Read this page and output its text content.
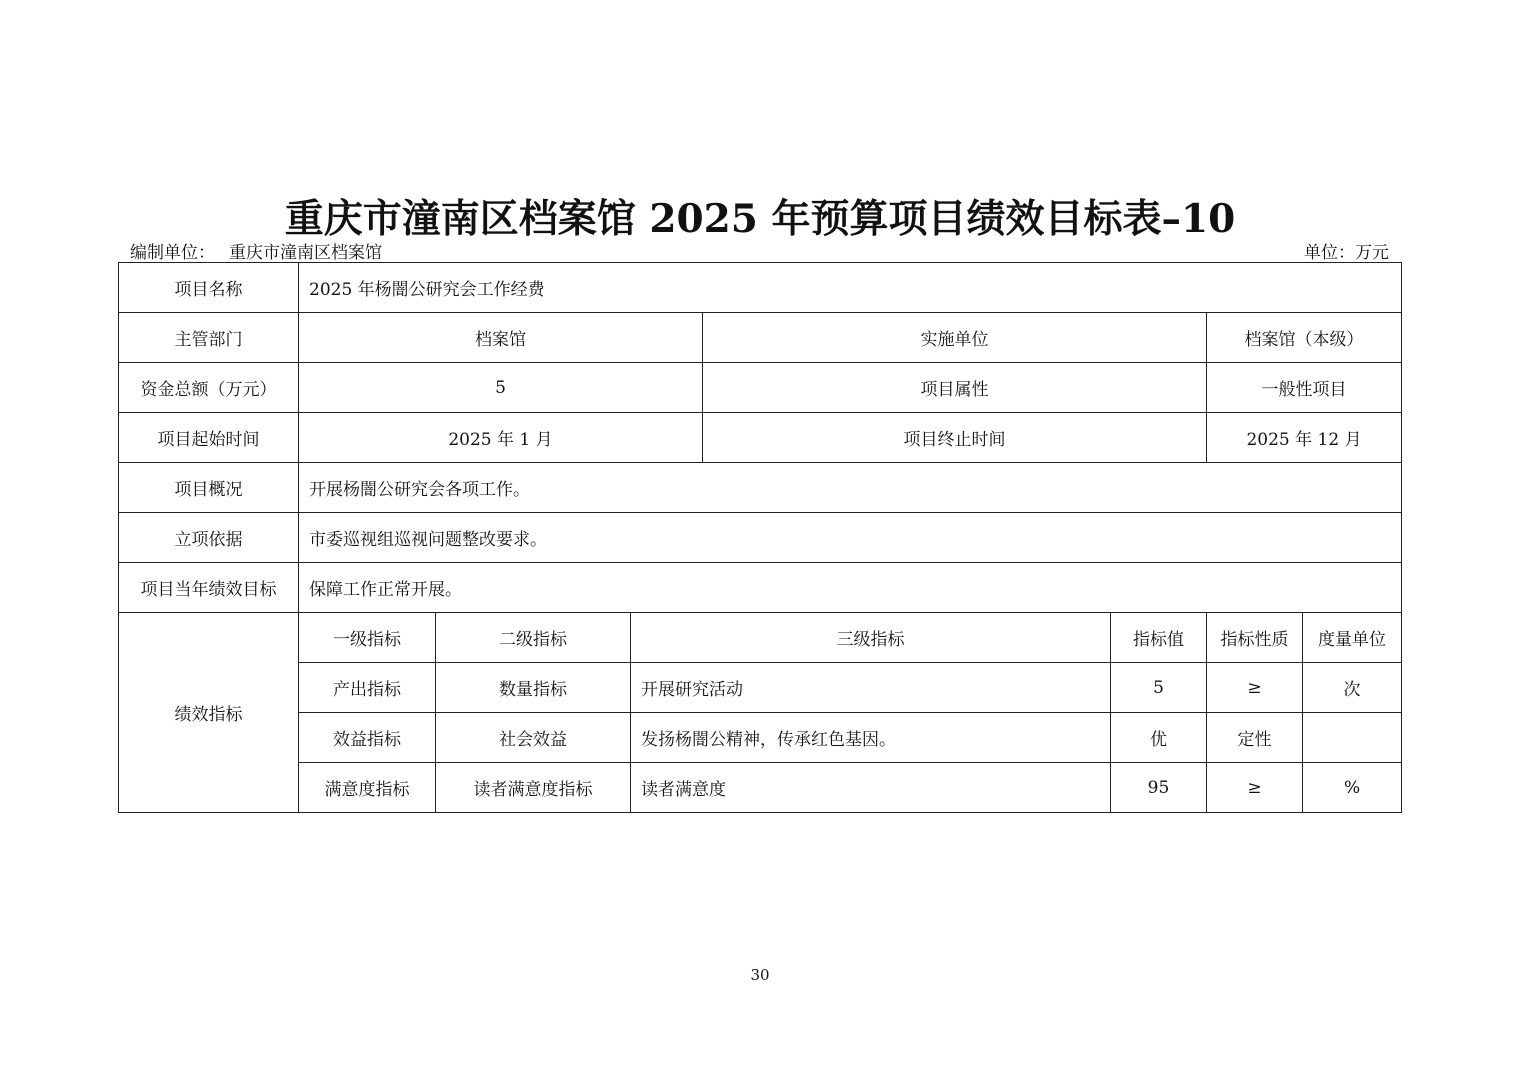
重庆市潼南区档案馆 2025 年预算项目绩效目标表–10
编制单位： 重庆市潼南区档案馆	单位：万元
项目名称	2025 年杨闇公研究会工作经费						
主管部门	档案馆			实施单位		档案馆（本级）	
资金总额（万元）	5			项目属性		一般性项目	
项目起始时间	2025 年 1 月			项目终止时间		2025 年 12 月	
项目概况	开展杨闇公研究会各项工作。						
立项依据	市委巡视组巡视问题整改要求。						
项目当年绩效目标	保障工作正常开展。						
绩效指标	一级指标	二级指标	三级指标		指标值	指标性质	度量单位
	产出指标	数量指标	开展研究活动		5	≥	次
	效益指标	社会效益	发扬杨闇公精神，传承红色基因。		优	定性	
	满意度指标	读者满意度指标	读者满意度		95	≥	%
30
